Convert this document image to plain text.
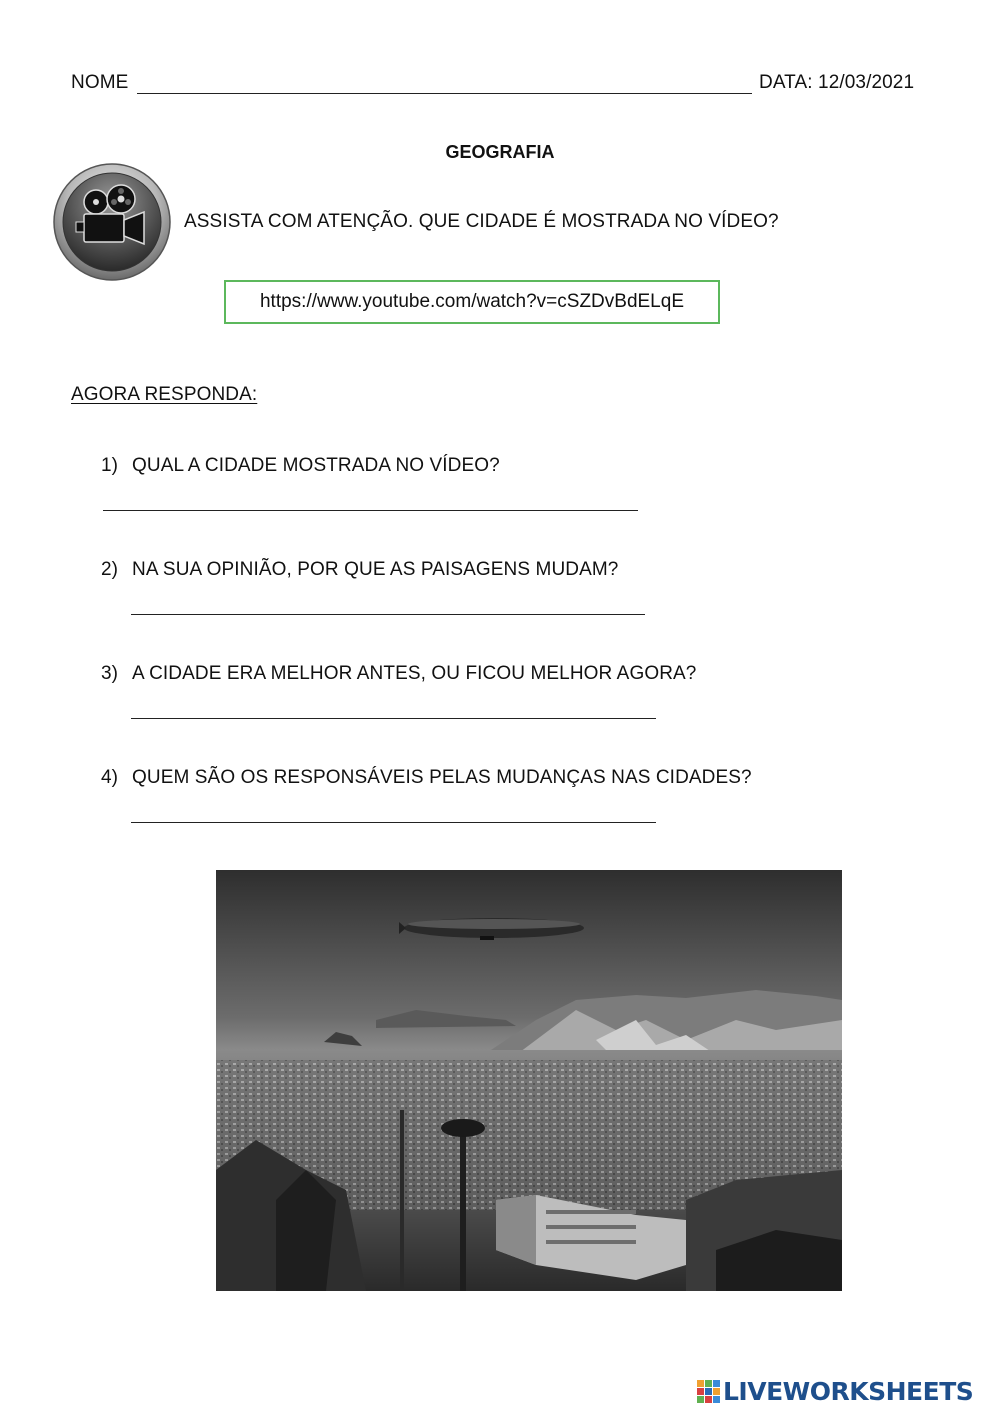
NOME	DATA: 12/03/2021
GEOGRAFIA
ASSISTA COM ATENÇÃO. QUE CIDADE É MOSTRADA NO VÍDEO?
https://www.youtube.com/watch?v=cSZDvBdELqE
AGORA RESPONDA:
1) QUAL A CIDADE MOSTRADA NO VÍDEO?
2) NA SUA OPINIÃO, POR QUE AS PAISAGENS MUDAM?
3) A CIDADE ERA MELHOR ANTES, OU FICOU MELHOR AGORA?
4) QUEM SÃO OS RESPONSÁVEIS PELAS MUDANÇAS NAS CIDADES?
LIVEWORKSHEETS
